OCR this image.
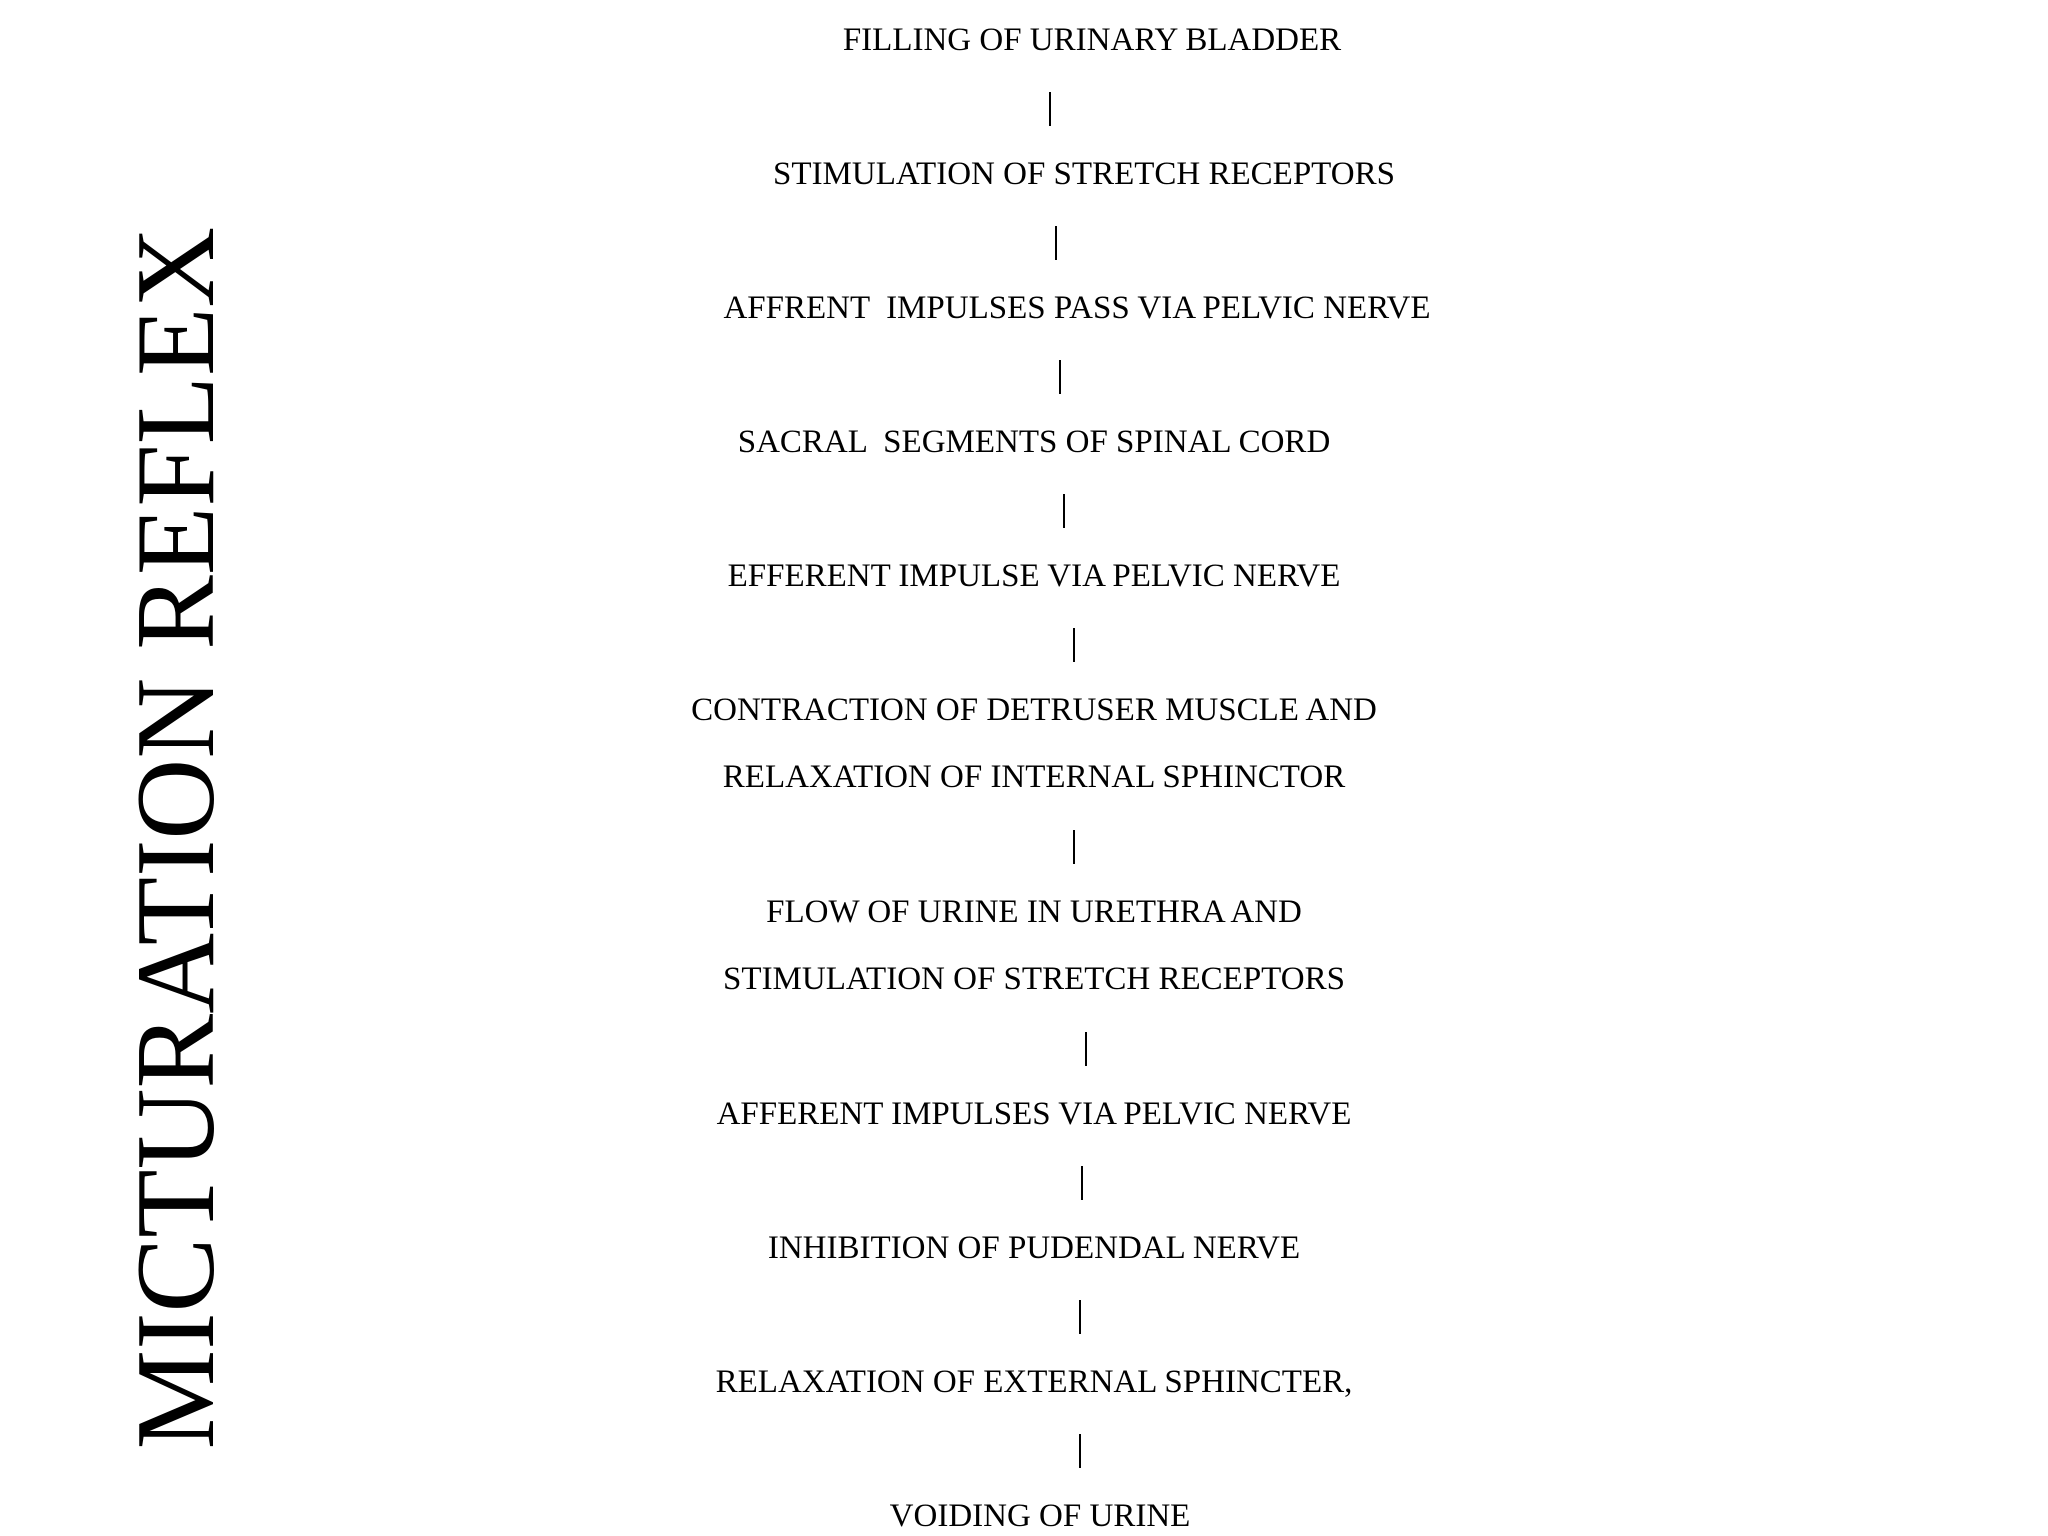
MICTURATION REFLEX
FILLING OF URINARY BLADDER
STIMULATION OF STRETCH RECEPTORS
AFFRENT  IMPULSES PASS VIA PELVIC NERVE
SACRAL  SEGMENTS OF SPINAL CORD
EFFERENT IMPULSE VIA PELVIC NERVE
CONTRACTION OF DETRUSER MUSCLE AND
RELAXATION OF INTERNAL SPHINCTOR
FLOW OF URINE IN URETHRA AND
STIMULATION OF STRETCH RECEPTORS
AFFERENT IMPULSES VIA PELVIC NERVE
INHIBITION OF PUDENDAL NERVE
RELAXATION OF EXTERNAL SPHINCTER,
VOIDING OF URINE
